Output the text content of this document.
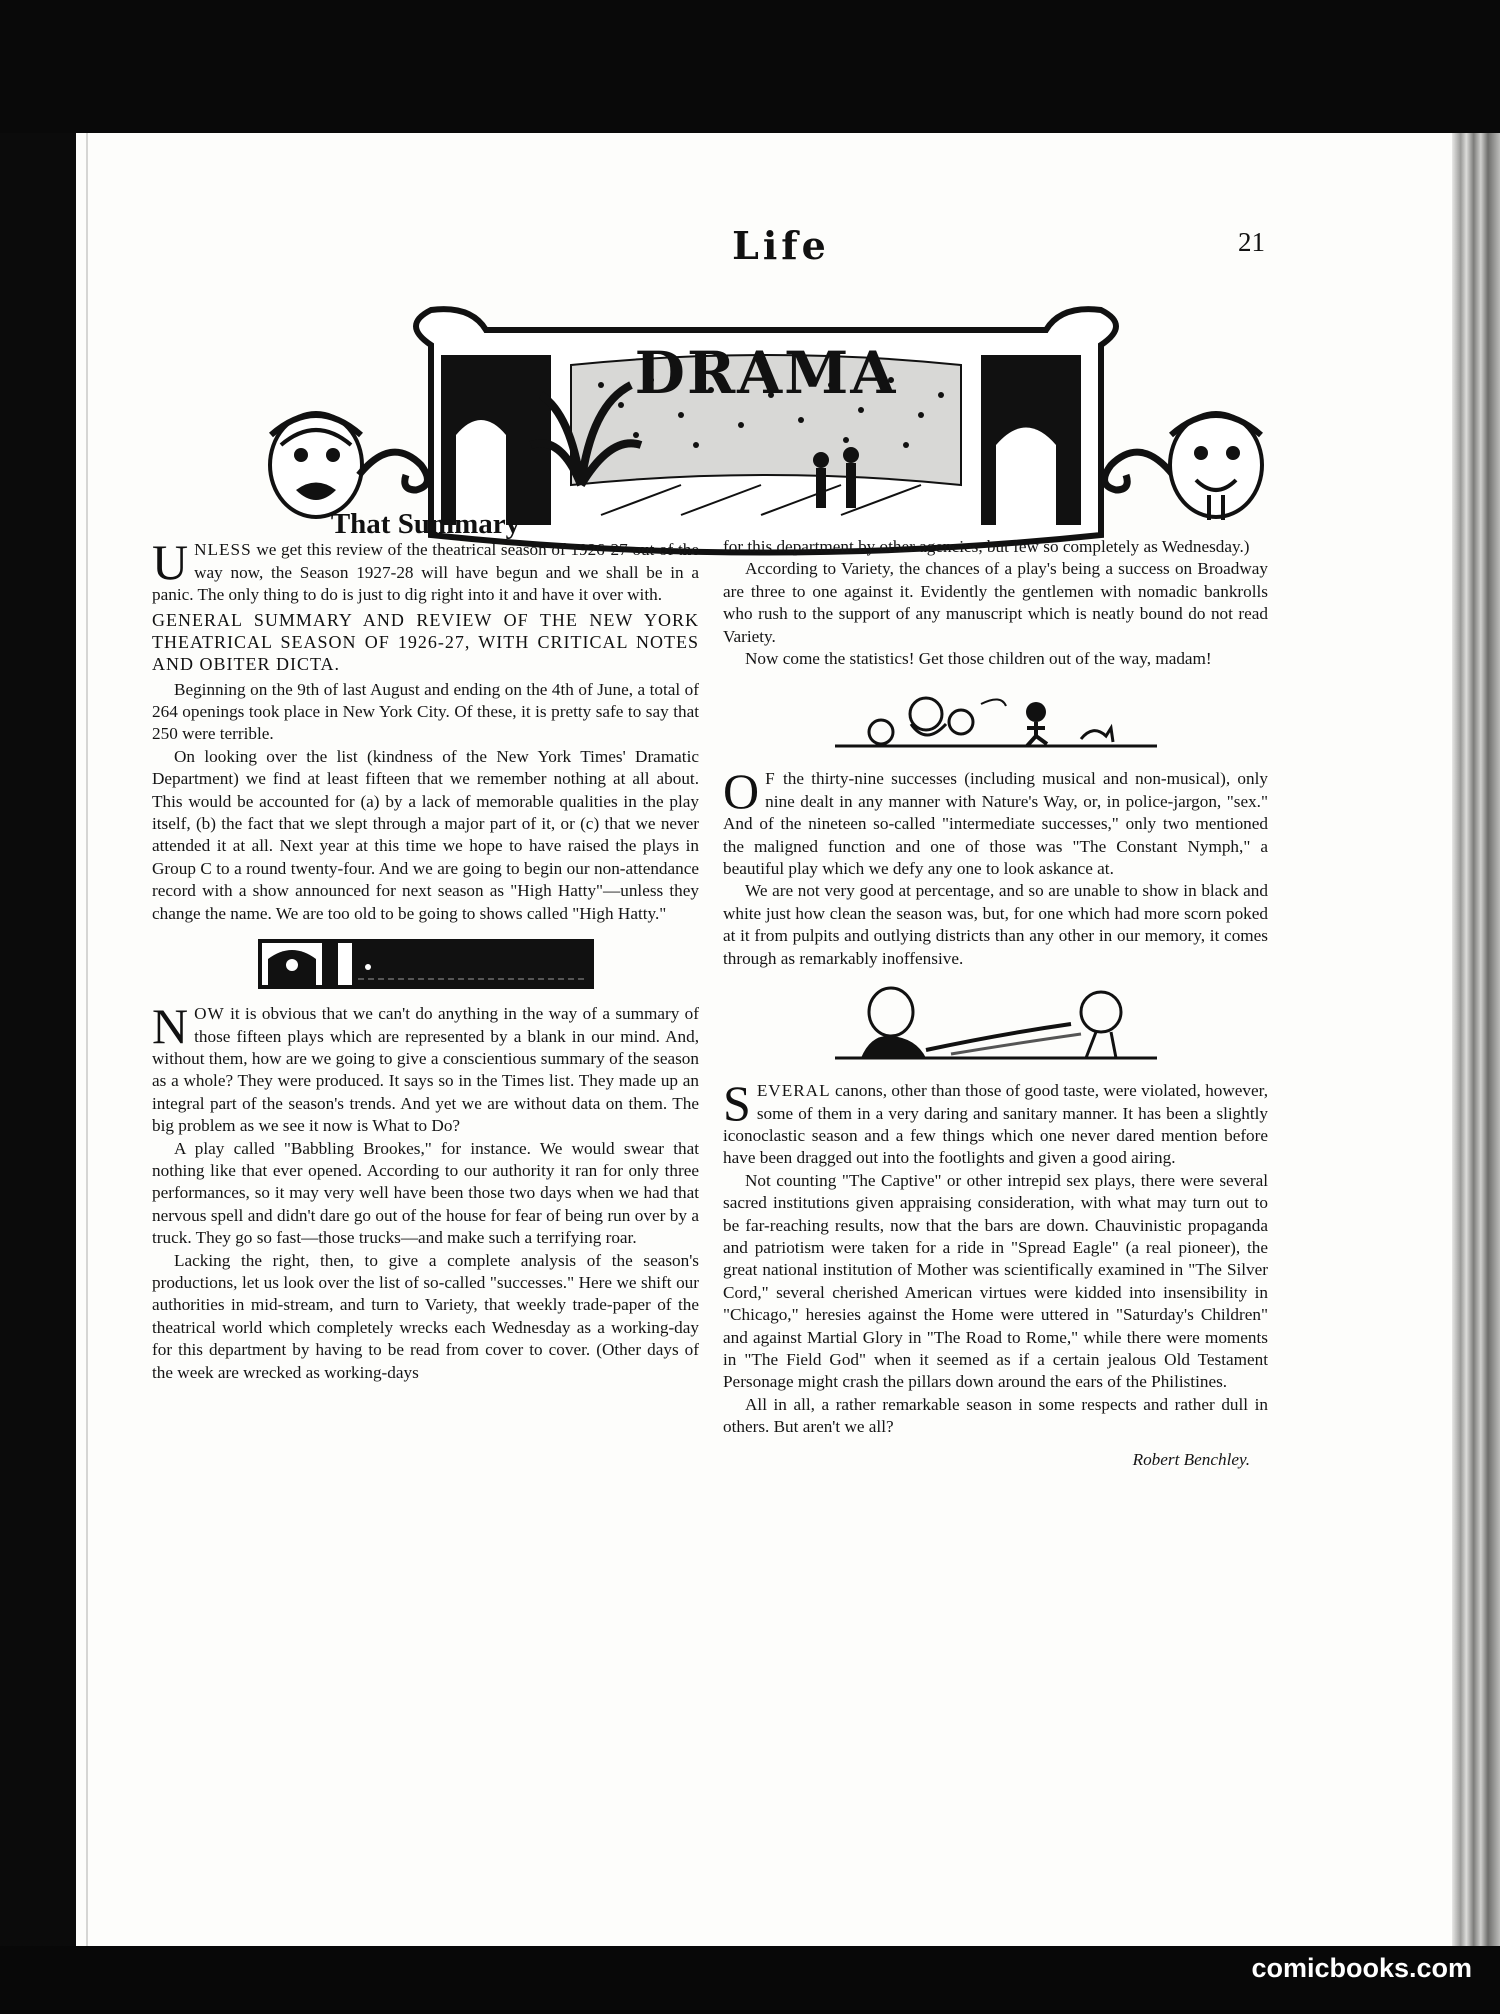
Life	21
DRAMA
That Summary

UNLESS we get this review of the theatrical season of 1926-27 out of the way now, the Season 1927-28 will have begun and we shall be in a panic. The only thing to do is just to dig right into it and have it over with.

GENERAL SUMMARY AND REVIEW OF THE NEW YORK THEATRICAL SEASON OF 1926-27, WITH CRITICAL NOTES AND OBITER DICTA.

Beginning on the 9th of last August and ending on the 4th of June, a total of 264 openings took place in New York City. Of these, it is pretty safe to say that 250 were terrible.

On looking over the list (kindness of the New York Times' Dramatic Department) we find at least fifteen that we remember nothing at all about. This would be accounted for (a) by a lack of memorable qualities in the play itself, (b) the fact that we slept through a major part of it, or (c) that we never attended it at all. Next year at this time we hope to have raised the plays in Group C to a round twenty-four. And we are going to begin our non-attendance record with a show announced for next season as "High Hatty"—unless they change the name. We are too old to be going to shows called "High Hatty."

NOW it is obvious that we can't do anything in the way of a summary of those fifteen plays which are represented by a blank in our mind. And, without them, how are we going to give a conscientious summary of the season as a whole? They were produced. It says so in the Times list. They made up an integral part of the season's trends. And yet we are without data on them. The big problem as we see it now is What to Do?

A play called "Babbling Brookes," for instance. We would swear that nothing like that ever opened. According to our authority it ran for only three performances, so it may very well have been those two days when we had that nervous spell and didn't dare go out of the house for fear of being run over by a truck. They go so fast—those trucks—and make such a terrifying roar.

Lacking the right, then, to give a complete analysis of the season's productions, let us look over the list of so-called "successes." Here we shift our authorities in mid-stream, and turn to Variety, that weekly trade-paper of the theatrical world which completely wrecks each Wednesday as a working-day for this department by having to be read from cover to cover. (Other days of the week are wrecked as working-days

for this department by other agencies, but few so completely as Wednesday.)

According to Variety, the chances of a play's being a success on Broadway are three to one against it. Evidently the gentlemen with nomadic bankrolls who rush to the support of any manuscript which is neatly bound do not read Variety.

Now come the statistics! Get those children out of the way, madam!

O F the thirty-nine successes (including musical and non-musical), only nine dealt in any manner with Nature's Way, or, in police-jargon, "sex." And of the nineteen so-called "intermediate successes," only two mentioned the maligned function and one of those was "The Constant Nymph," a beautiful play which we defy any one to look askance at.

We are not very good at percentage, and so are unable to show in black and white just how clean the season was, but, for one which had more scorn poked at it from pulpits and outlying districts than any other in our memory, it comes through as remarkably inoffensive.

SEVERAL canons, other than those of good taste, were violated, however, some of them in a very daring and sanitary manner. It has been a slightly iconoclastic season and a few things which one never dared mention before have been dragged out into the footlights and given a good airing.

Not counting "The Captive" or other intrepid sex plays, there were several sacred institutions given appraising consideration, with what may turn out to be far-reaching results, now that the bars are down. Chauvinistic propaganda and patriotism were taken for a ride in "Spread Eagle" (a real pioneer), the great national institution of Mother was scientifically examined in "The Silver Cord," several cherished American virtues were kidded into insensibility in "Chicago," heresies against the Home were uttered in "Saturday's Children" and against Martial Glory in "The Road to Rome," while there were moments in "The Field God" when it seemed as if a certain jealous Old Testament Personage might crash the pillars down around the ears of the Philistines.

All in all, a rather remarkable season in some respects and rather dull in others. But aren't we all?

Robert Benchley.
comicbooks.com
